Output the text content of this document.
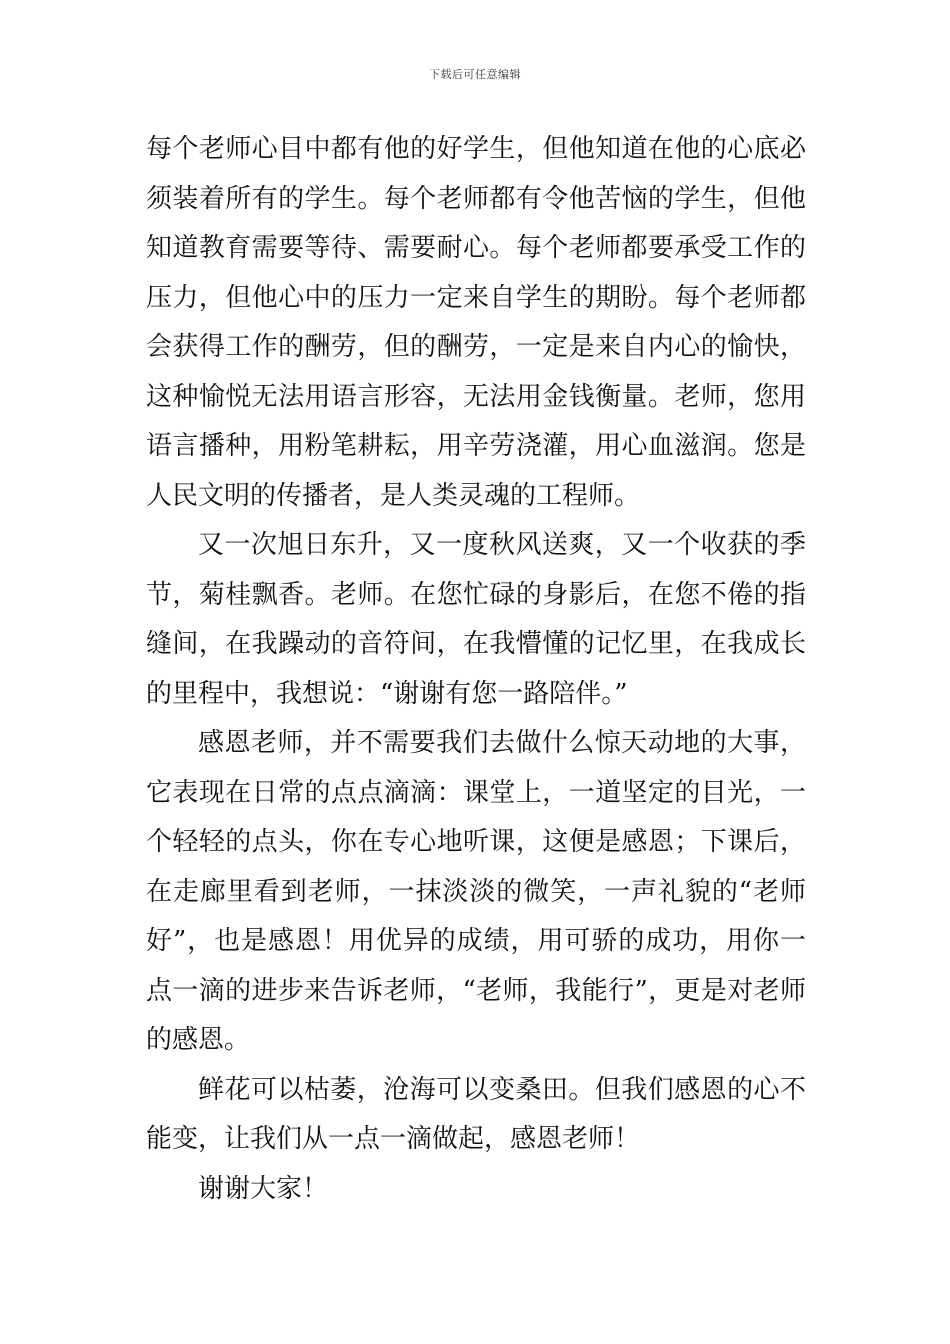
下载后可任意编辑

每个老师心目中都有他的好学生，但他知道在他的心底必须装着所有的学生。每个老师都有令他苦恼的学生，但他知道教育需要等待、需要耐心。每个老师都要承受工作的压力，但他心中的压力一定来自学生的期盼。每个老师都会获得工作的酬劳，但的酬劳，一定是来自内心的愉快，这种愉悦无法用语言形容，无法用金钱衡量。老师，您用语言播种，用粉笔耕耘，用辛劳浇灌，用心血滋润。您是人民文明的传播者，是人类灵魂的工程师。

又一次旭日东升，又一度秋风送爽，又一个收获的季节，菊桂飘香。老师。在您忙碌的身影后，在您不倦的指缝间，在我躁动的音符间，在我懵懂的记忆里，在我成长的里程中，我想说：“谢谢有您一路陪伴。”

感恩老师，并不需要我们去做什么惊天动地的大事，它表现在日常的点点滴滴：课堂上，一道坚定的目光，一个轻轻的点头，你在专心地听课，这便是感恩；下课后，在走廊里看到老师，一抹淡淡的微笑，一声礼貌的“老师好”，也是感恩！用优异的成绩，用可骄的成功，用你一点一滴的进步来告诉老师，“老师，我能行”，更是对老师的感恩。

鲜花可以枯萎，沧海可以变桑田。但我们感恩的心不能变，让我们从一点一滴做起，感恩老师！

谢谢大家！
